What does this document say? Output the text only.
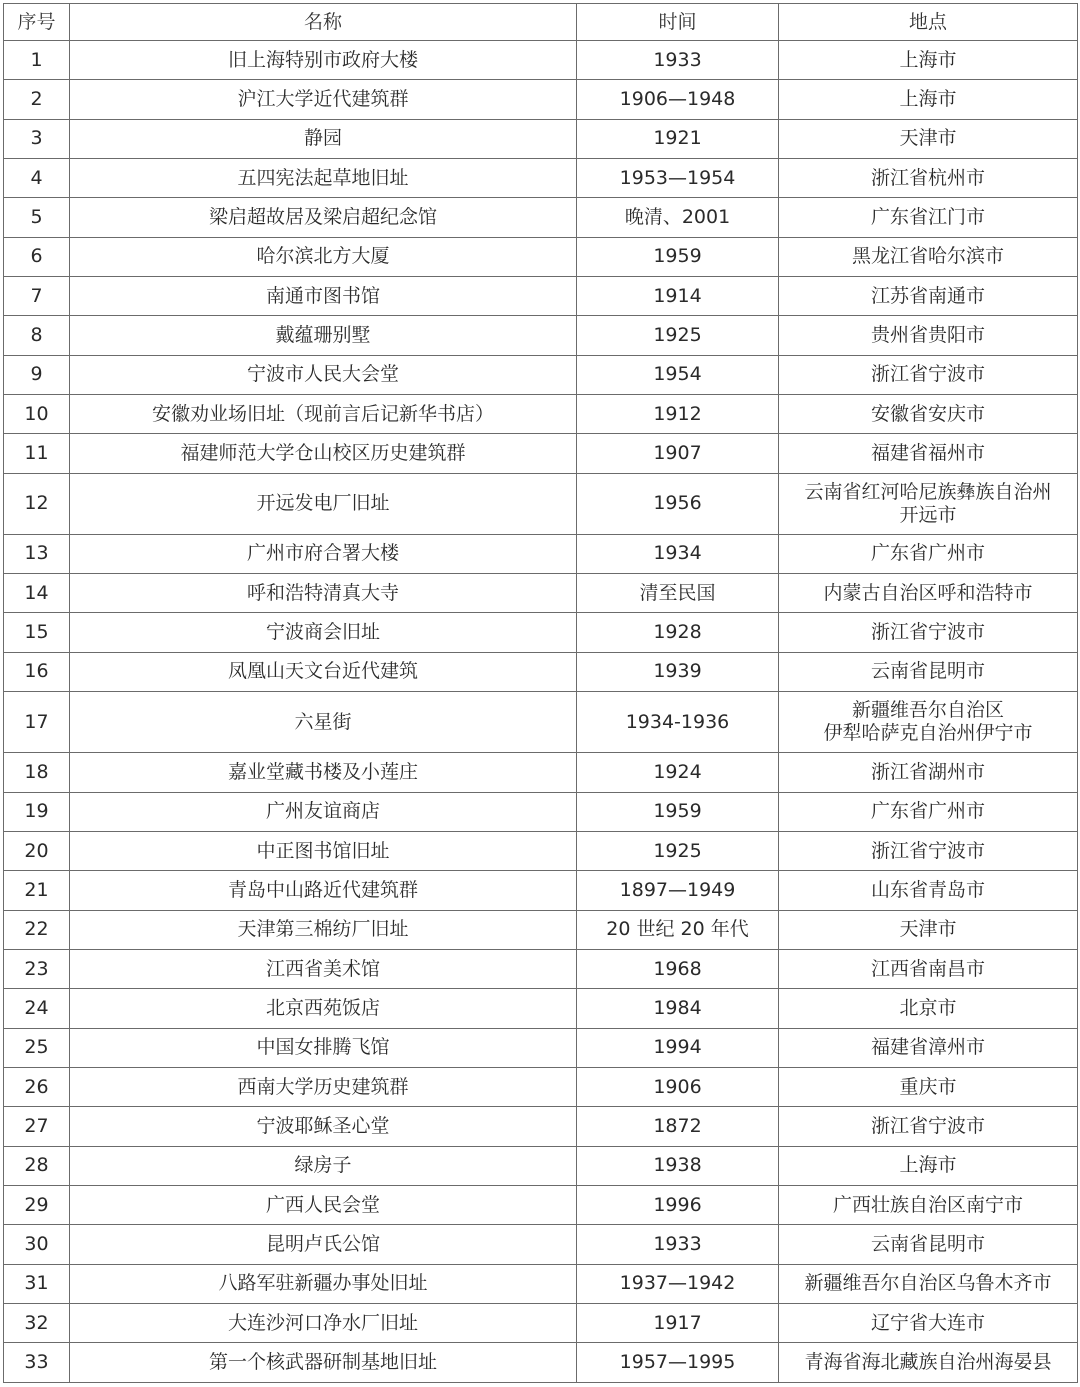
序号	名称	时间	地点
1	旧上海特别市政府大楼	1933	上海市

2	沪江大学近代建筑群	1906—1948	上海市

3	静园	1921	天津市

4	五四宪法起草地旧址	1953—1954	浙江省杭州市

5	梁启超故居及梁启超纪念馆	晚清、2001	广东省江门市

6	哈尔滨北方大厦	1959	黑龙江省哈尔滨市

7	南通市图书馆	1914	江苏省南通市

8	戴蕴珊别墅	1925	贵州省贵阳市

9	宁波市人民大会堂	1954	浙江省宁波市

10	安徽劝业场旧址（现前言后记新华书店）	1912	安徽省安庆市

11	福建师范大学仓山校区历史建筑群	1907	福建省福州市

12	开远发电厂旧址	1956	云南省红河哈尼族彝族自治州
开远市

13	广州市府合署大楼	1934	广东省广州市

14	呼和浩特清真大寺	清至民国	内蒙古自治区呼和浩特市

15	宁波商会旧址	1928	浙江省宁波市

16	凤凰山天文台近代建筑	1939	云南省昆明市

17	六星街	1934-1936	新疆维吾尔自治区
伊犁哈萨克自治州伊宁市

18	嘉业堂藏书楼及小莲庄	1924	浙江省湖州市

19	广州友谊商店	1959	广东省广州市

20	中正图书馆旧址	1925	浙江省宁波市

21	青岛中山路近代建筑群	1897—1949	山东省青岛市

22	天津第三棉纺厂旧址	20 世纪 20 年代	天津市

23	江西省美术馆	1968	江西省南昌市

24	北京西苑饭店	1984	北京市

25	中国女排腾飞馆	1994	福建省漳州市

26	西南大学历史建筑群	1906	重庆市

27	宁波耶稣圣心堂	1872	浙江省宁波市

28	绿房子	1938	上海市

29	广西人民会堂	1996	广西壮族自治区南宁市

30	昆明卢氏公馆	1933	云南省昆明市

31	八路军驻新疆办事处旧址	1937—1942	新疆维吾尔自治区乌鲁木齐市

32	大连沙河口净水厂旧址	1917	辽宁省大连市

33	第一个核武器研制基地旧址	1957—1995	青海省海北藏族自治州海晏县
